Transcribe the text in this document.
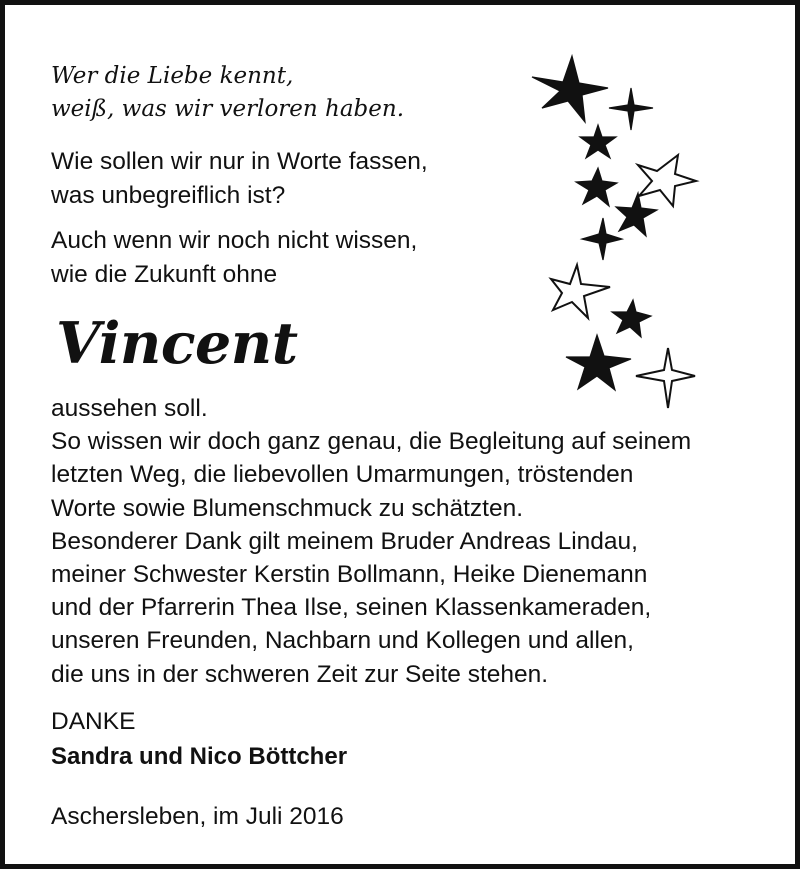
Wer die Liebe kennt,
weiß, was wir verloren haben.
Wie sollen wir nur in Worte fassen,
was unbegreiflich ist?
Auch wenn wir noch nicht wissen,
wie die Zukunft ohne
Vincent
aussehen soll.
So wissen wir doch ganz genau, die Begleitung auf seinem
letzten Weg, die liebevollen Umarmungen, tröstenden
Worte sowie Blumenschmuck zu schätzten.
Besonderer Dank gilt meinem Bruder Andreas Lindau,
meiner Schwester Kerstin Bollmann, Heike Dienemann
und der Pfarrerin Thea Ilse, seinen Klassenkameraden,
unseren Freunden, Nachbarn und Kollegen und allen,
die uns in der schweren Zeit zur Seite stehen.
DANKE
Sandra und Nico Böttcher
Aschersleben, im Juli 2016
